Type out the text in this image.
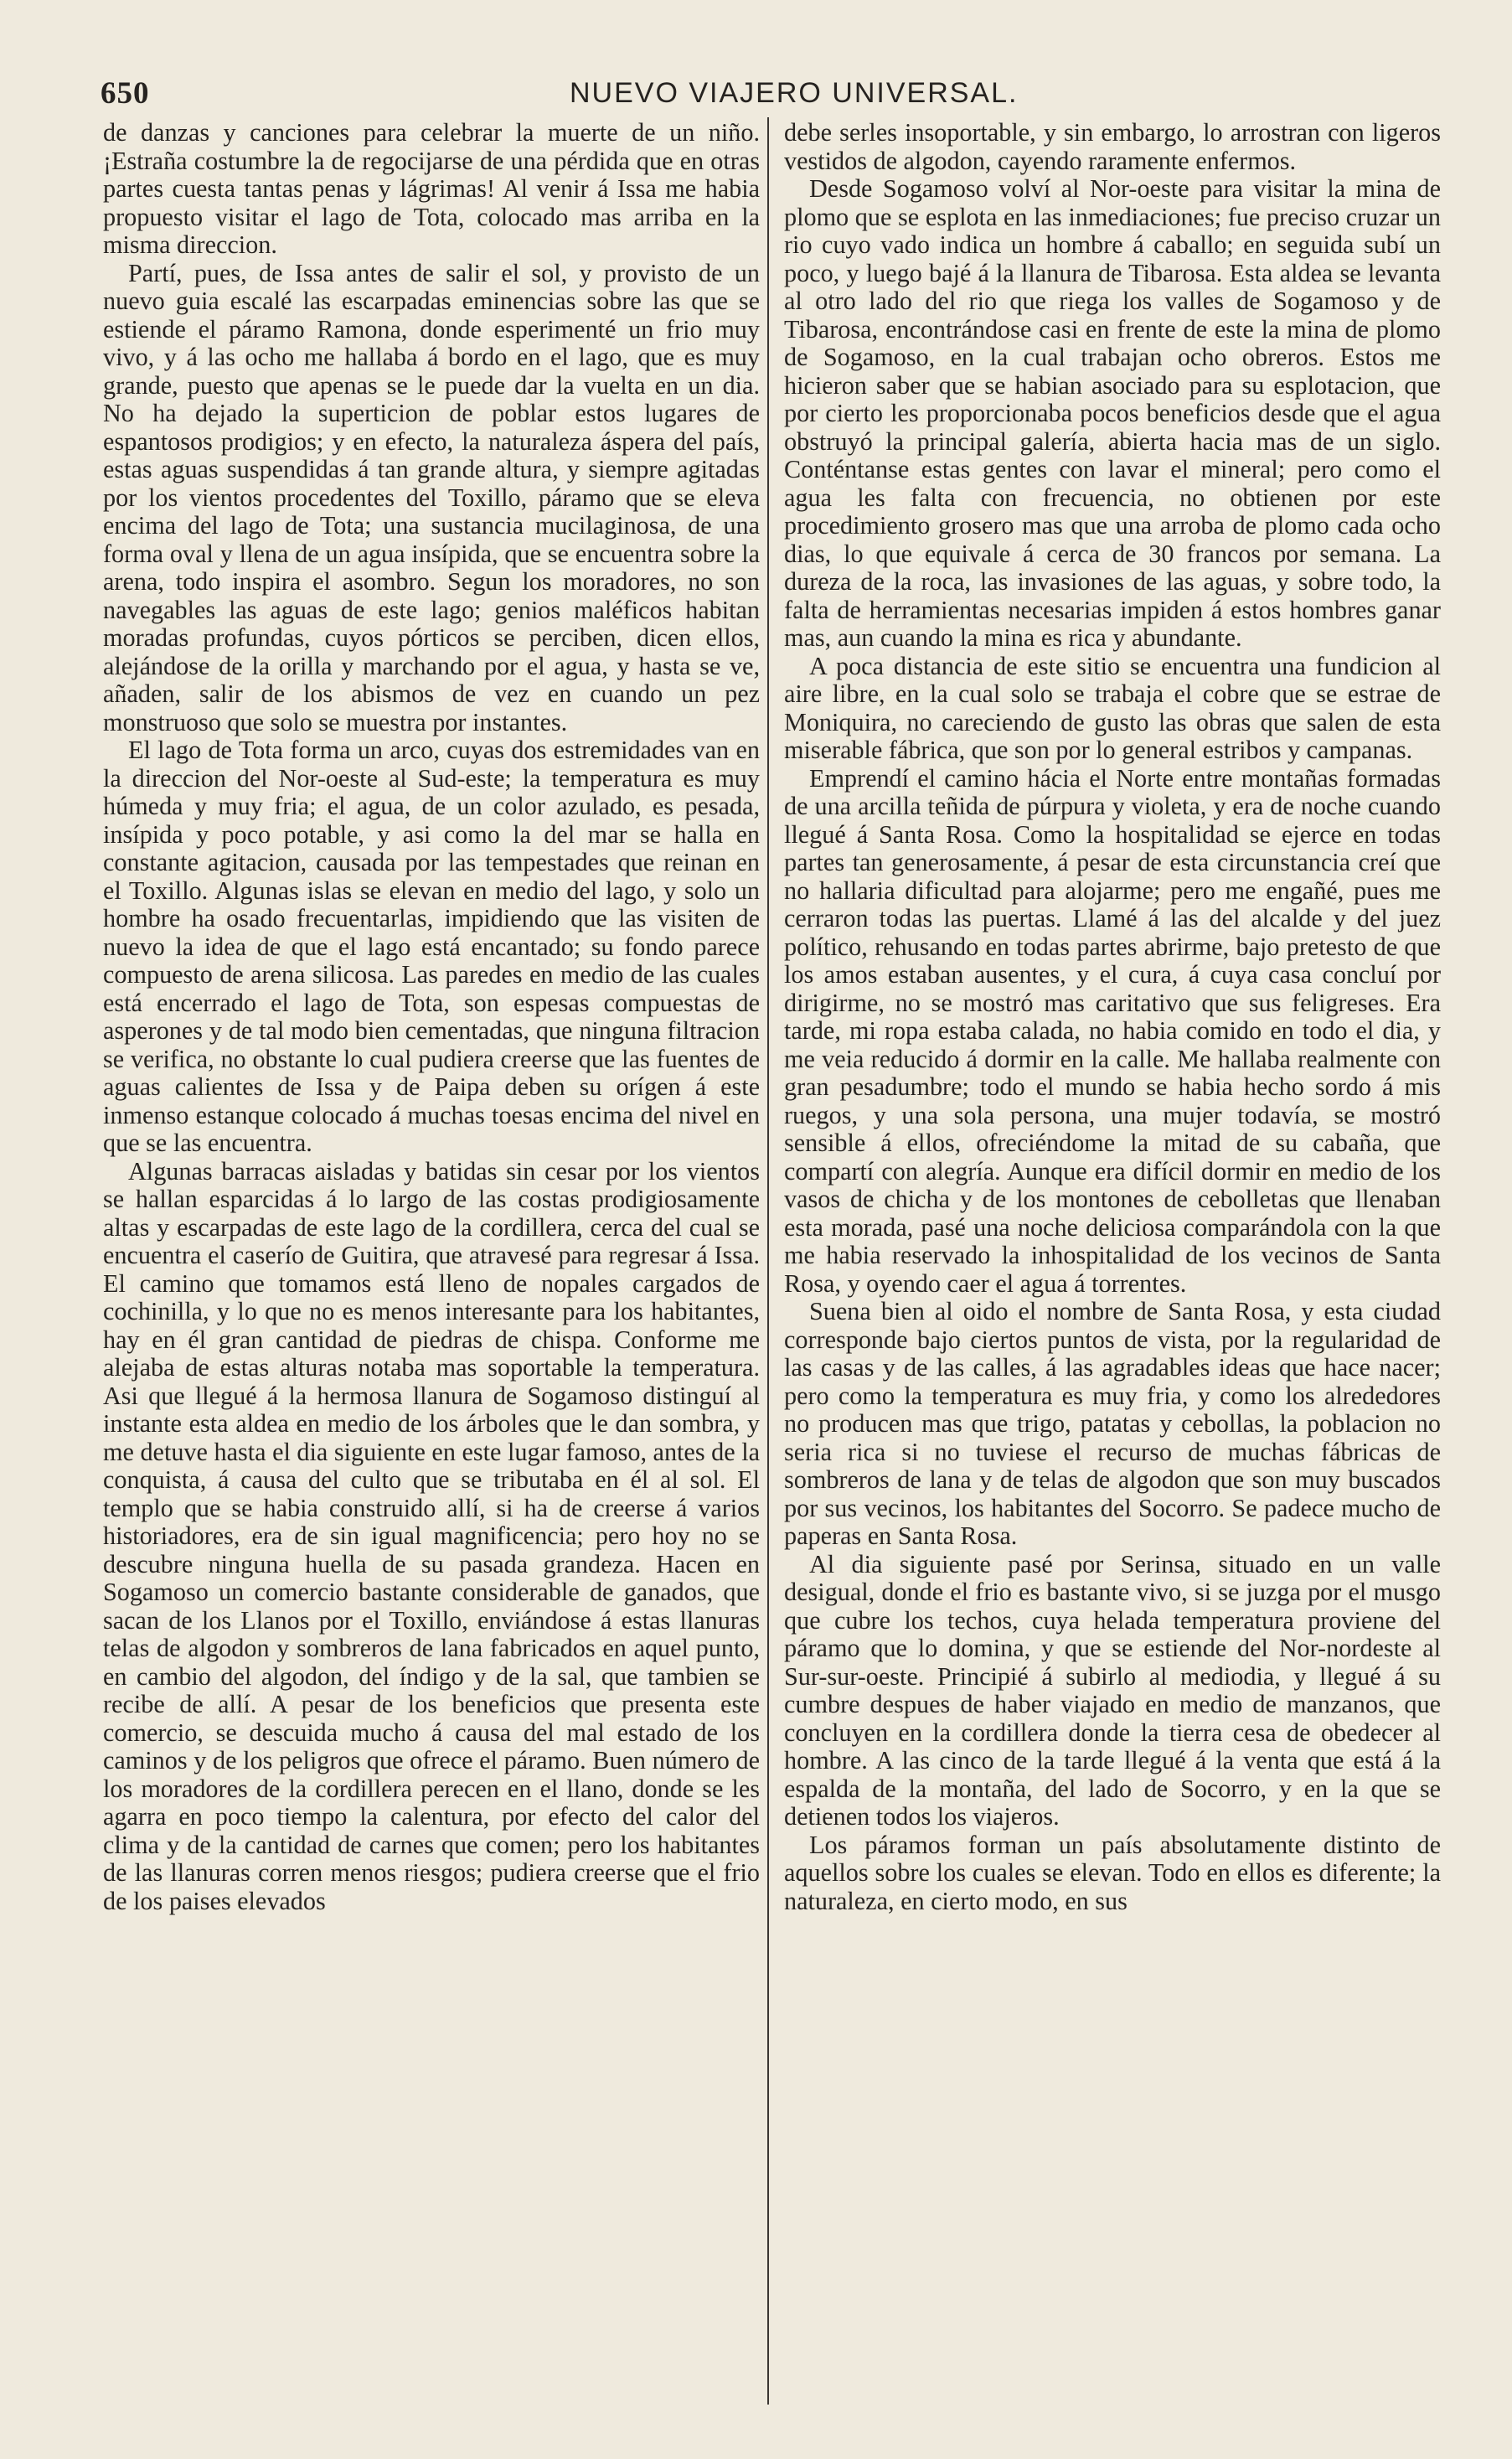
650	NUEVO VIAJERO UNIVERSAL.

de danzas y canciones para celebrar la muerte de un niño. ¡Estraña costumbre la de regocijarse de una pérdida que en otras partes cuesta tantas penas y lágrimas! Al venir á Issa me habia propuesto visitar el lago de Tota, colocado mas arriba en la misma direccion.

Partí, pues, de Issa antes de salir el sol, y provisto de un nuevo guia escalé las escarpadas eminencias sobre las que se estiende el páramo Ramona, donde esperimenté un frio muy vivo, y á las ocho me hallaba á bordo en el lago, que es muy grande, puesto que apenas se le puede dar la vuelta en un dia. No ha dejado la superticion de poblar estos lugares de espantosos prodigios; y en efecto, la naturaleza áspera del país, estas aguas suspendidas á tan grande altura, y siempre agitadas por los vientos procedentes del Toxillo, páramo que se eleva encima del lago de Tota; una sustancia mucilaginosa, de una forma oval y llena de un agua insípida, que se encuentra sobre la arena, todo inspira el asombro. Segun los moradores, no son navegables las aguas de este lago; genios maléficos habitan moradas profundas, cuyos pórticos se perciben, dicen ellos, alejándose de la orilla y marchando por el agua, y hasta se ve, añaden, salir de los abismos de vez en cuando un pez monstruoso que solo se muestra por instantes.

El lago de Tota forma un arco, cuyas dos estremidades van en la direccion del Nor-oeste al Sud-este; la temperatura es muy húmeda y muy fria; el agua, de un color azulado, es pesada, insípida y poco potable, y asi como la del mar se halla en constante agitacion, causada por las tempestades que reinan en el Toxillo. Algunas islas se elevan en medio del lago, y solo un hombre ha osado frecuentarlas, impidiendo que las visiten de nuevo la idea de que el lago está encantado; su fondo parece compuesto de arena silicosa. Las paredes en medio de las cuales está encerrado el lago de Tota, son espesas compuestas de asperones y de tal modo bien cementadas, que ninguna filtracion se verifica, no obstante lo cual pudiera creerse que las fuentes de aguas calientes de Issa y de Paipa deben su orígen á este inmenso estanque colocado á muchas toesas encima del nivel en que se las encuentra.

Algunas barracas aisladas y batidas sin cesar por los vientos se hallan esparcidas á lo largo de las costas prodigiosamente altas y escarpadas de este lago de la cordillera, cerca del cual se encuentra el caserío de Guitira, que atravesé para regresar á Issa. El camino que tomamos está lleno de nopales cargados de cochinilla, y lo que no es menos interesante para los habitantes, hay en él gran cantidad de piedras de chispa. Conforme me alejaba de estas alturas notaba mas soportable la temperatura. Asi que llegué á la hermosa llanura de Sogamoso distinguí al instante esta aldea en medio de los árboles que le dan sombra, y me detuve hasta el dia siguiente en este lugar famoso, antes de la conquista, á causa del culto que se tributaba en él al sol. El templo que se habia construido allí, si ha de creerse á varios historiadores, era de sin igual magnificencia; pero hoy no se descubre ninguna huella de su pasada grandeza. Hacen en Sogamoso un comercio bastante considerable de ganados, que sacan de los Llanos por el Toxillo, enviándose á estas llanuras telas de algodon y sombreros de lana fabricados en aquel punto, en cambio del algodon, del índigo y de la sal, que tambien se recibe de allí. A pesar de los beneficios que presenta este comercio, se descuida mucho á causa del mal estado de los caminos y de los peligros que ofrece el páramo. Buen número de los moradores de la cordillera perecen en el llano, donde se les agarra en poco tiempo la calentura, por efecto del calor del clima y de la cantidad de carnes que comen; pero los habitantes de las llanuras corren menos riesgos; pudiera creerse que el frio de los paises elevados

debe serles insoportable, y sin embargo, lo arrostran con ligeros vestidos de algodon, cayendo raramente enfermos.

Desde Sogamoso volví al Nor-oeste para visitar la mina de plomo que se esplota en las inmediaciones; fue preciso cruzar un rio cuyo vado indica un hombre á caballo; en seguida subí un poco, y luego bajé á la llanura de Tibarosa. Esta aldea se levanta al otro lado del rio que riega los valles de Sogamoso y de Tibarosa, encontrándose casi en frente de este la mina de plomo de Sogamoso, en la cual trabajan ocho obreros. Estos me hicieron saber que se habian asociado para su esplotacion, que por cierto les proporcionaba pocos beneficios desde que el agua obstruyó la principal galería, abierta hacia mas de un siglo. Conténtanse estas gentes con lavar el mineral; pero como el agua les falta con frecuencia, no obtienen por este procedimiento grosero mas que una arroba de plomo cada ocho dias, lo que equivale á cerca de 30 francos por semana. La dureza de la roca, las invasiones de las aguas, y sobre todo, la falta de herramientas necesarias impiden á estos hombres ganar mas, aun cuando la mina es rica y abundante.

A poca distancia de este sitio se encuentra una fundicion al aire libre, en la cual solo se trabaja el cobre que se estrae de Moniquira, no careciendo de gusto las obras que salen de esta miserable fábrica, que son por lo general estribos y campanas.

Emprendí el camino hácia el Norte entre montañas formadas de una arcilla teñida de púrpura y violeta, y era de noche cuando llegué á Santa Rosa. Como la hospitalidad se ejerce en todas partes tan generosamente, á pesar de esta circunstancia creí que no hallaria dificultad para alojarme; pero me engañé, pues me cerraron todas las puertas. Llamé á las del alcalde y del juez político, rehusando en todas partes abrirme, bajo pretesto de que los amos estaban ausentes, y el cura, á cuya casa concluí por dirigirme, no se mostró mas caritativo que sus feligreses. Era tarde, mi ropa estaba calada, no habia comido en todo el dia, y me veia reducido á dormir en la calle. Me hallaba realmente con gran pesadumbre; todo el mundo se habia hecho sordo á mis ruegos, y una sola persona, una mujer todavía, se mostró sensible á ellos, ofreciéndome la mitad de su cabaña, que compartí con alegría. Aunque era difícil dormir en medio de los vasos de chicha y de los montones de cebolletas que llenaban esta morada, pasé una noche deliciosa comparándola con la que me habia reservado la inhospitalidad de los vecinos de Santa Rosa, y oyendo caer el agua á torrentes.

Suena bien al oido el nombre de Santa Rosa, y esta ciudad corresponde bajo ciertos puntos de vista, por la regularidad de las casas y de las calles, á las agradables ideas que hace nacer; pero como la temperatura es muy fria, y como los alrededores no producen mas que trigo, patatas y cebollas, la poblacion no seria rica si no tuviese el recurso de muchas fábricas de sombreros de lana y de telas de algodon que son muy buscados por sus vecinos, los habitantes del Socorro. Se padece mucho de paperas en Santa Rosa.

Al dia siguiente pasé por Serinsa, situado en un valle desigual, donde el frio es bastante vivo, si se juzga por el musgo que cubre los techos, cuya helada temperatura proviene del páramo que lo domina, y que se estiende del Nor-nordeste al Sur-sur-oeste. Principié á subirlo al mediodia, y llegué á su cumbre despues de haber viajado en medio de manzanos, que concluyen en la cordillera donde la tierra cesa de obedecer al hombre. A las cinco de la tarde llegué á la venta que está á la espalda de la montaña, del lado de Socorro, y en la que se detienen todos los viajeros.

Los páramos forman un país absolutamente distinto de aquellos sobre los cuales se elevan. Todo en ellos es diferente; la naturaleza, en cierto modo, en sus
